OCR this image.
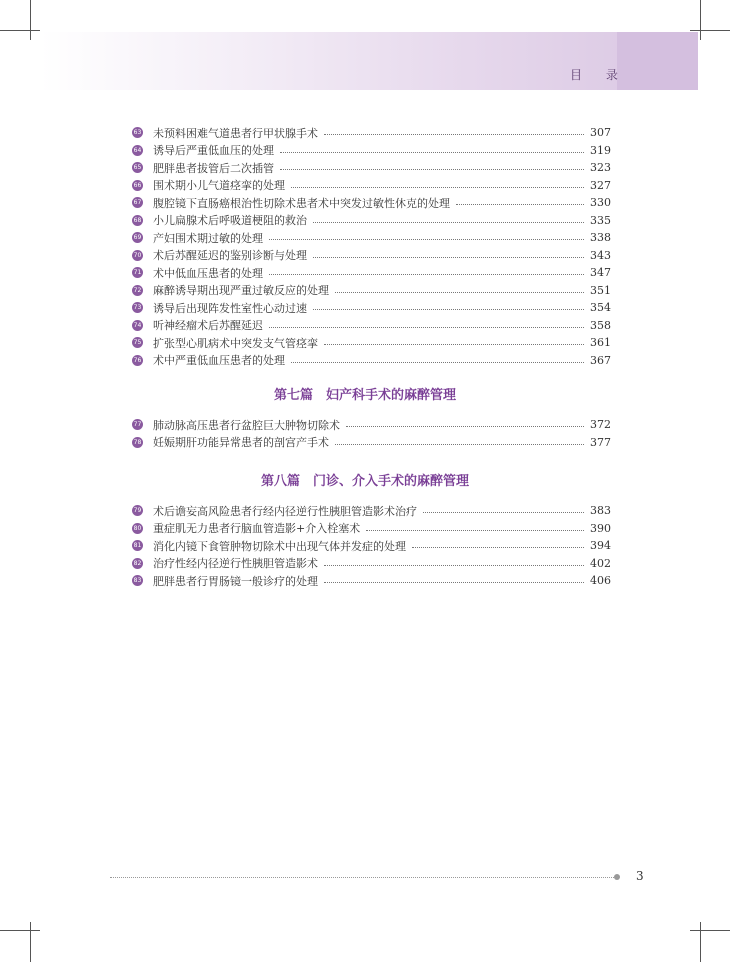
目 录
63 未预料困难气道患者行甲状腺手术	307
64 诱导后严重低血压的处理	319
65 肥胖患者拔管后二次插管	323
66 围术期小儿气道痉挛的处理	327
67 腹腔镜下直肠癌根治性切除术患者术中突发过敏性休克的处理	330
68 小儿扁腺术后呼吸道梗阻的救治	335
69 产妇围术期过敏的处理	338
70 术后苏醒延迟的鉴别诊断与处理	343
71 术中低血压患者的处理	347
72 麻醉诱导期出现严重过敏反应的处理	351
73 诱导后出现阵发性室性心动过速	354
74 听神经瘤术后苏醒延迟	358
75 扩张型心肌病术中突发支气管痉挛	361
76 术中严重低血压患者的处理	367
第七篇　妇产科手术的麻醉管理
77 肺动脉高压患者行盆腔巨大肿物切除术	372
78 妊娠期肝功能异常患者的剖宫产手术	377
第八篇　门诊、介入手术的麻醉管理
79 术后谵妄高风险患者行经内径逆行性胰胆管造影术治疗	383
80 重症肌无力患者行脑血管造影+介入栓塞术	390
81 消化内镜下食管肿物切除术中出现气体并发症的处理	394
82 治疗性经内径逆行性胰胆管造影术	402
83 肥胖患者行胃肠镜一般诊疗的处理	406
3
